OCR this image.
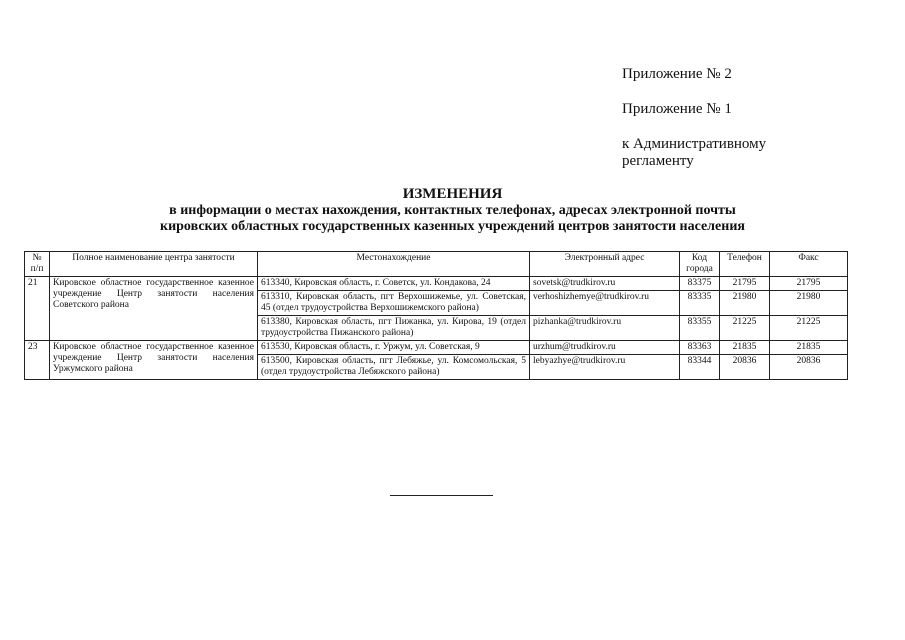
Приложение № 2
Приложение № 1
к Административному регламенту
ИЗМЕНЕНИЯ
в информации о местах нахождения, контактных телефонах, адресах электронной почты
кировских областных государственных казенных учреждений центров занятости населения
№ п/п	Полное наименование центра занятости	Местонахождение	Электронный адрес	Код города	Телефон	Факс
21	Кировское областное государственное казенное учреждение Центр занятости населения Советского района	613340, Кировская область, г. Советск, ул. Кондакова, 24	sovetsk@trudkirov.ru	83375	21795	21795
		613310, Кировская область, пгт Верхошижемье, ул. Советская, 45 (отдел трудоустройства Верхошижемского района)	verhoshizhemye@trudkirov.ru	83335	21980	21980
		613380, Кировская область, пгт Пижанка, ул. Кирова, 19 (отдел трудоустройства Пижанского района)	pizhanka@trudkirov.ru	83355	21225	21225
23	Кировское областное государственное казенное учреждение Центр занятости населения Уржумского района	613530, Кировская область, г. Уржум, ул. Советская, 9	urzhum@trudkirov.ru	83363	21835	21835
		613500, Кировская область, пгт Лебяжье, ул. Комсомольская, 5 (отдел трудоустройства Лебяжского района)	lebyazhye@trudkirov.ru	83344	20836	20836
